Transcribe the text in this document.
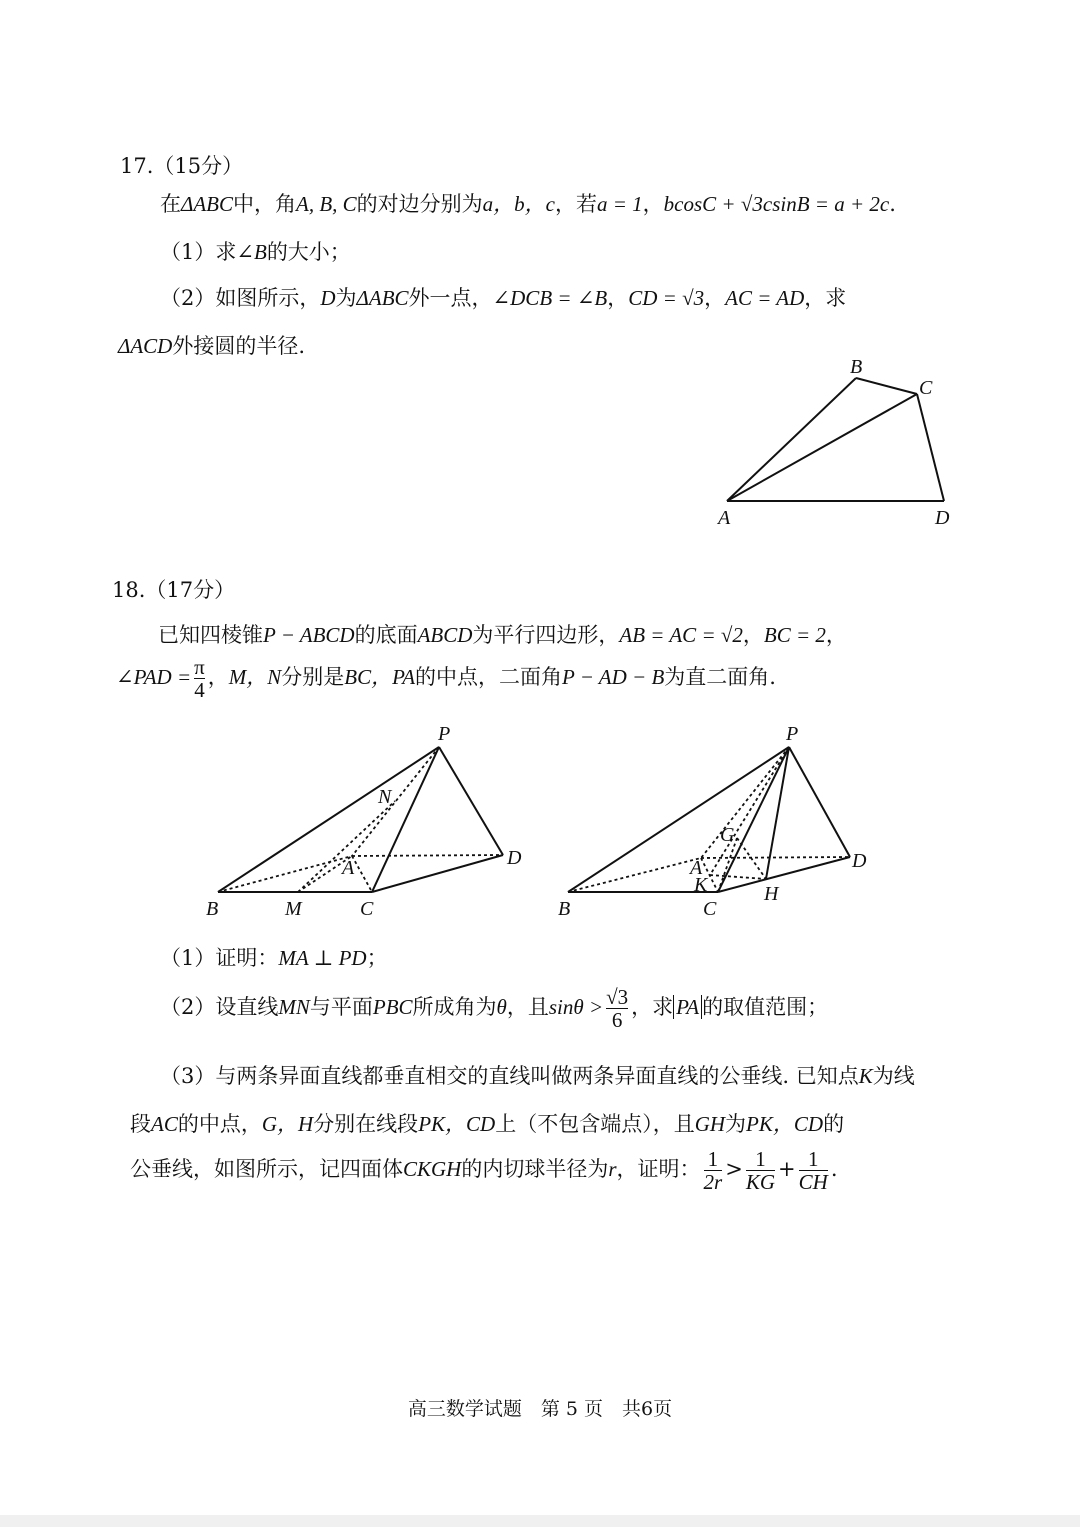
17.（15分）
在ΔABC中，角A, B, C的对边分别为a，b，c，若a = 1，bcosC + √3csinB = a + 2c.
（1）求∠B的大小；
（2）如图所示，D为ΔABC外一点，∠DCB = ∠B，CD = √3，AC = AD，求
ΔACD外接圆的半径.
B
C
A	D
18.（17分）
已知四棱锥P − ABCD的底面ABCD为平行四边形，AB = AC = √2，BC = 2，
∠PAD = $\frac{\pi}{4}$ ，M，N分别是BC，PA的中点，二面角P − AD − B为直二面角.
P
N
A	D
B	M	C
P
G
A
K
D
H
B	C
（1）证明：MA ⊥ PD；
（2）设直线MN与平面PBC所成角为θ，且$\sin\theta > \frac{√3}{6}$ ，求 PA 的取值范围；
（3）与两条异面直线都垂直相交的直线叫做两条异面直线的公垂线. 已知点K为线
段AC的中点，G，H分别在线段PK，CD上（不包含端点），且GH为PK，CD的
公垂线，如图所示，记四面体CKGH的内切球半径为r，证明： $\frac{1}{2r} > \frac{1}{KG} + \frac{1}{CH}$ .
高三数学试题　第 5 页　共6页
